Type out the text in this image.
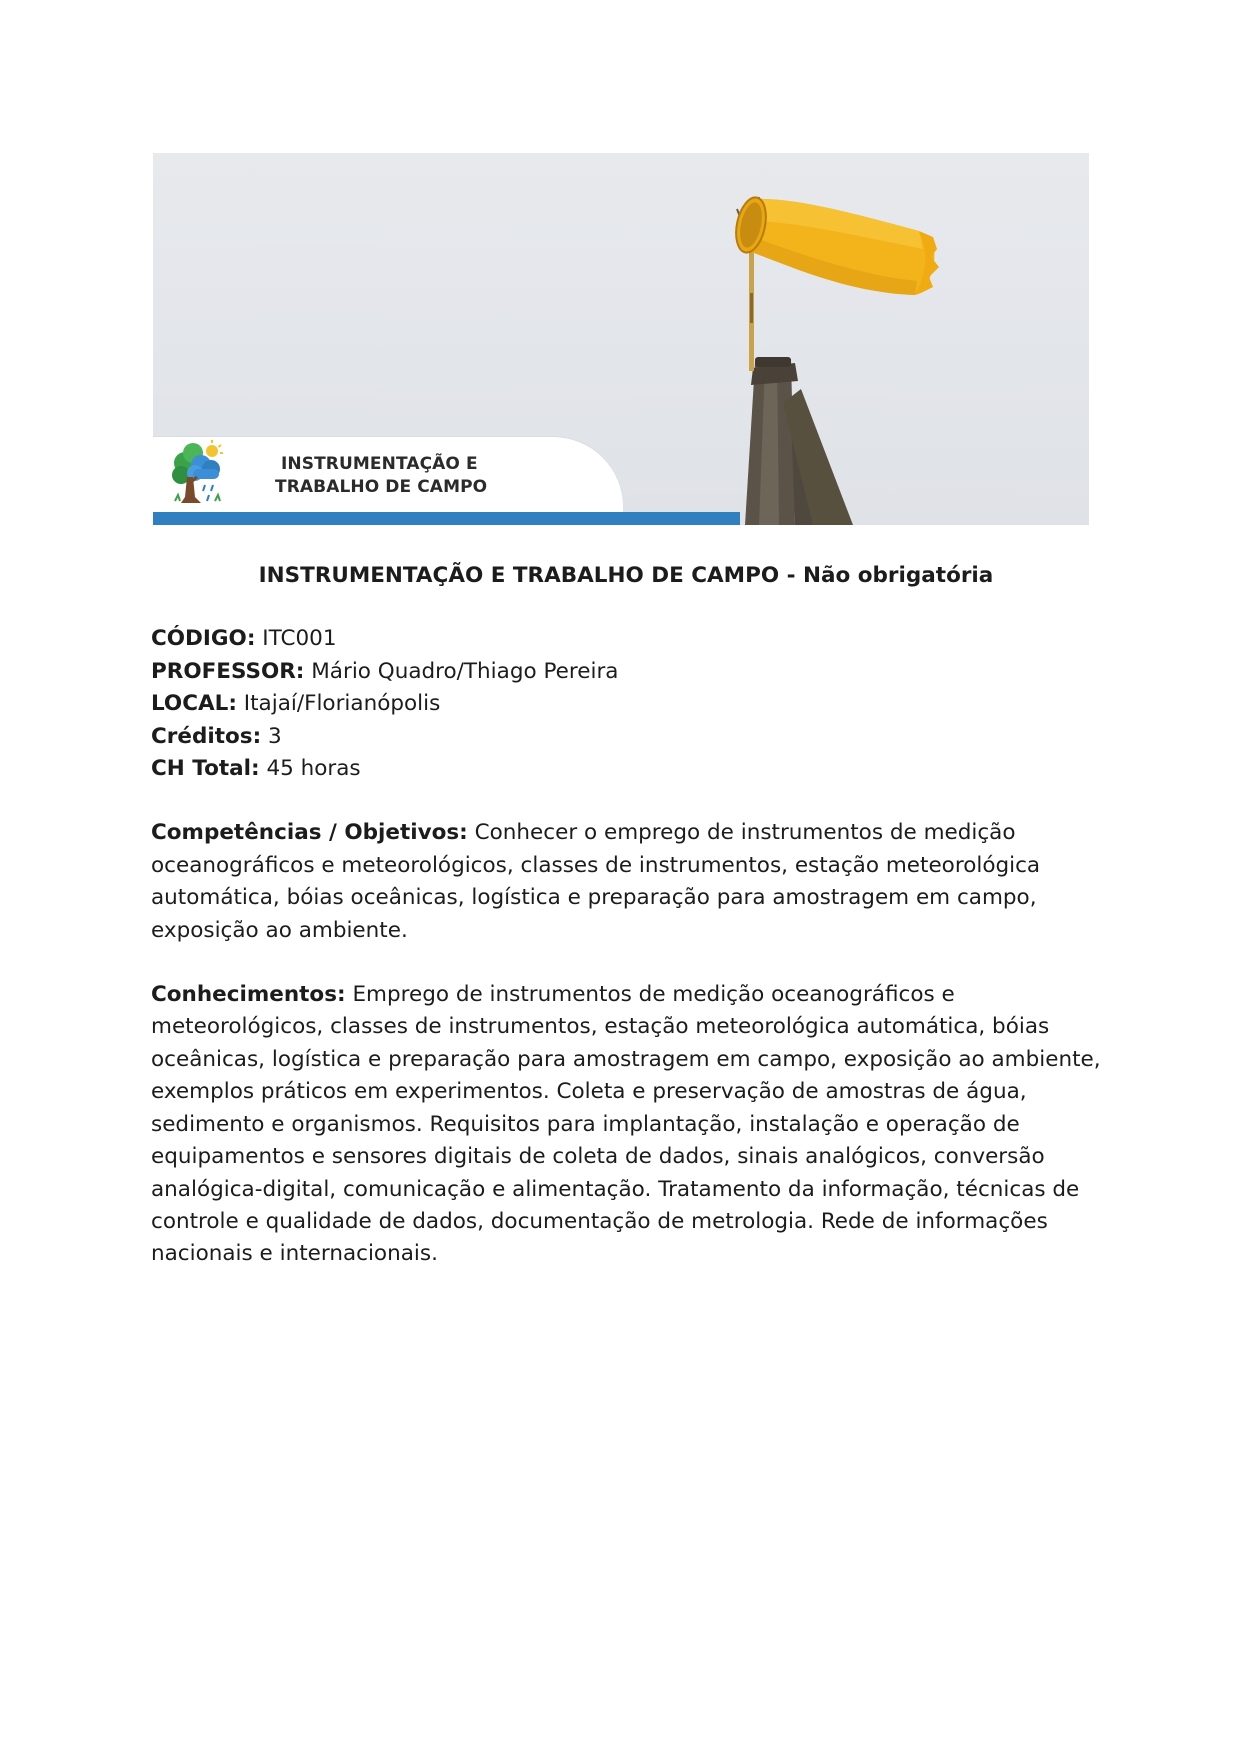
INSTRUMENTAÇÃO E
TRABALHO DE CAMPO

INSTRUMENTAÇÃO E TRABALHO DE CAMPO - Não obrigatória

CÓDIGO: ITC001

PROFESSOR: Mário Quadro/Thiago Pereira

LOCAL: Itajaí/Florianópolis

Créditos: 3

CH Total: 45 horas

Competências / Objetivos: Conhecer o emprego de instrumentos de medição oceanográficos e meteorológicos, classes de instrumentos, estação meteorológica automática, bóias oceânicas, logística e preparação para amostragem em campo, exposição ao ambiente.

Conhecimentos: Emprego de instrumentos de medição oceanográficos e meteorológicos, classes de instrumentos, estação meteorológica automática, bóias oceânicas, logística e preparação para amostragem em campo, exposição ao ambiente, exemplos práticos em experimentos. Coleta e preservação de amostras de água, sedimento e organismos. Requisitos para implantação, instalação e operação de equipamentos e sensores digitais de coleta de dados, sinais analógicos, conversão analógica-digital, comunicação e alimentação. Tratamento da informação, técnicas de controle e qualidade de dados, documentação de metrologia. Rede de informações nacionais e internacionais.
